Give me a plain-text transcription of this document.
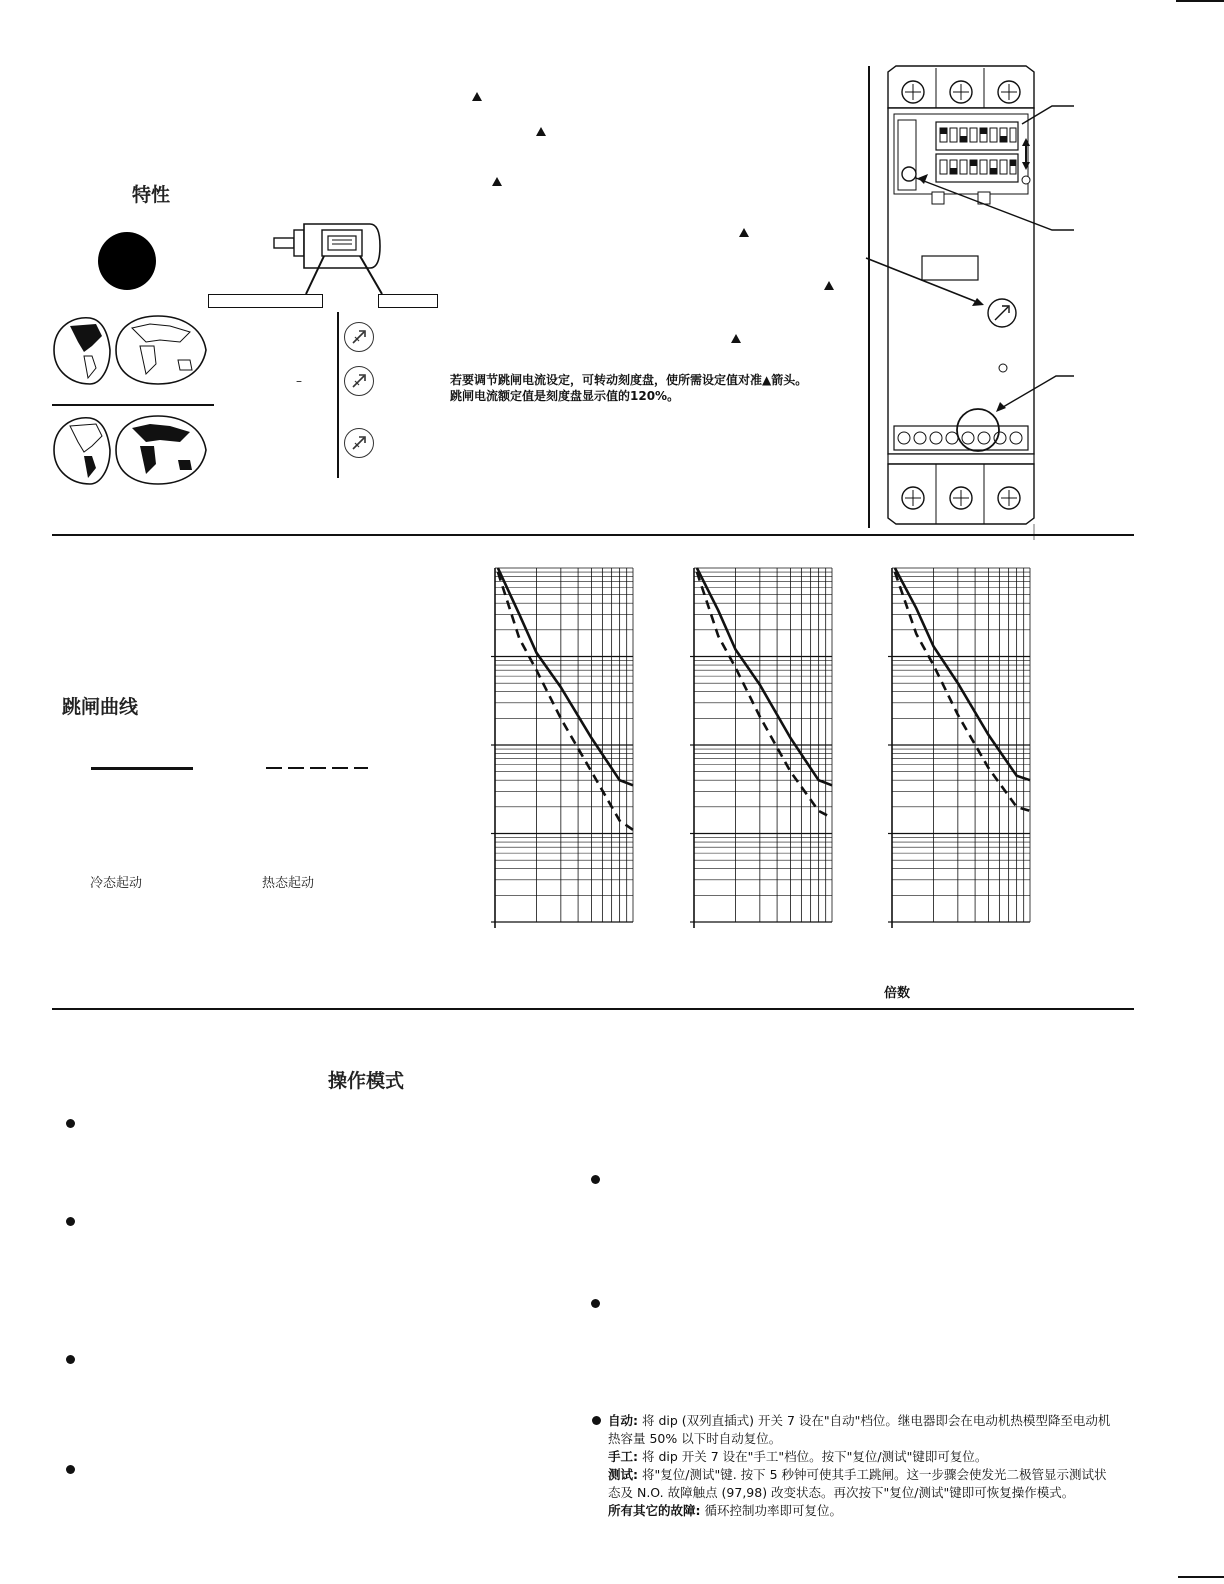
特性
–	若要调节跳闸电流设定，可转动刻度盘，使所需设定值对准▲箭头。
跳闸电流额定值是刻度盘显示值的120%。
跳闸曲线
冷态起动	热态起动
倍数
操作模式
自动: 将 dip (双列直插式) 开关 7 设在"自动"档位。继电器即会在电动机热模型降至电动机
热容量 50% 以下时自动复位。
手工: 将 dip 开关 7 设在"手工"档位。按下"复位/测试"键即可复位。
测试: 将"复位/测试"键. 按下 5 秒钟可使其手工跳闸。这一步骤会使发光二极管显示测试状
态及 N.O. 故障触点 (97,98) 改变状态。再次按下"复位/测试"键即可恢复操作模式。
所有其它的故障: 循环控制功率即可复位。
